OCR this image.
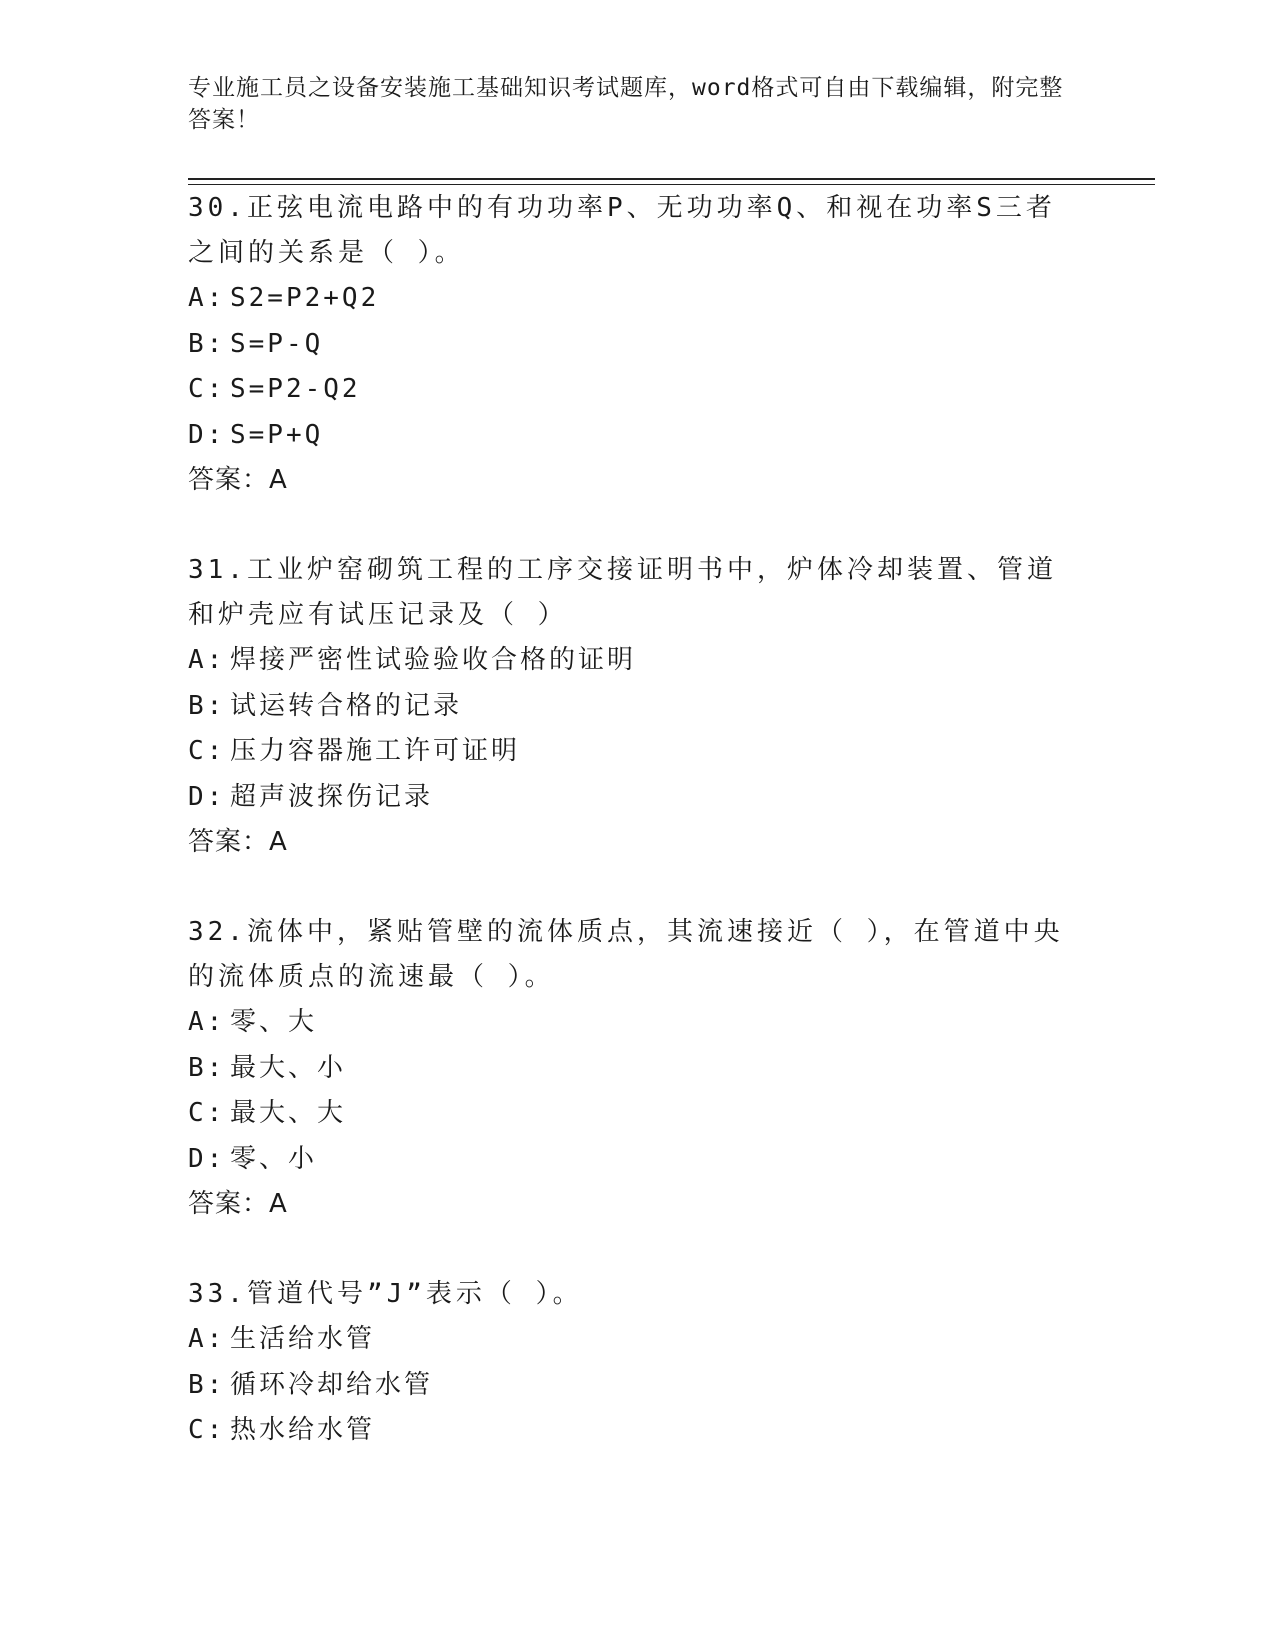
专业施工员之设备安装施工基础知识考试题库，word格式可自由下载编辑，附完整答案！

30.正弦电流电路中的有功功率P、无功功率Q、和视在功率S三者之间的关系是（ ）。

A: S2=P2+Q2
B: S=P-Q
C: S=P2-Q2
D: S=P+Q
答案：A

31.工业炉窑砌筑工程的工序交接证明书中，炉体冷却装置、管道和炉壳应有试压记录及（ ）

A: 焊接严密性试验验收合格的证明
B: 试运转合格的记录
C: 压力容器施工许可证明
D: 超声波探伤记录
答案：A

32.流体中，紧贴管壁的流体质点，其流速接近（ ），在管道中央的流体质点的流速最（ ）。

A: 零、大
B: 最大、小
C: 最大、大
D: 零、小
答案：A

33.管道代号”J”表示（ ）。

A: 生活给水管
B: 循环冷却给水管
C: 热水给水管
